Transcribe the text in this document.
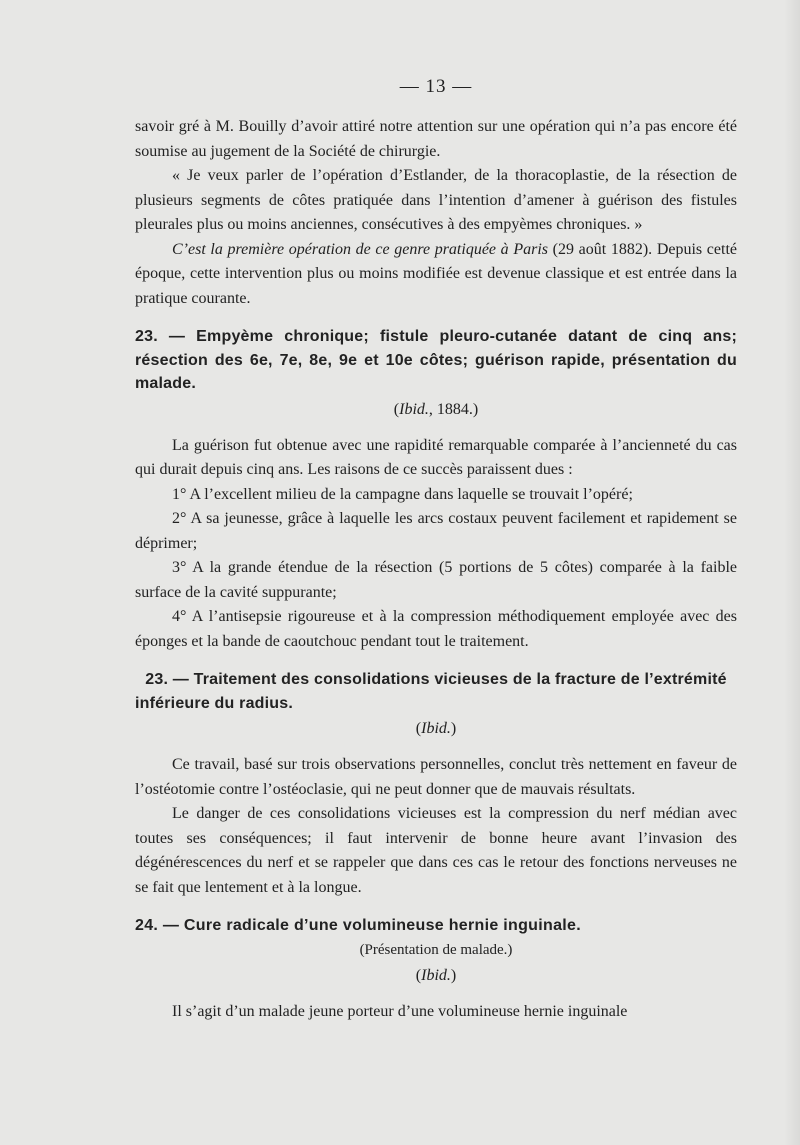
— 13 —

savoir gré à M. Bouilly d’avoir attiré notre attention sur une opération qui n’a pas encore été soumise au jugement de la Société de chirurgie.

« Je veux parler de l’opération d’Estlander, de la thoracoplastie, de la résection de plusieurs segments de côtes pratiquée dans l’intention d’amener à guérison des fistules pleurales plus ou moins anciennes, consécutives à des empyèmes chroniques. »

C’est la première opération de ce genre pratiquée à Paris (29 août 1882). Depuis cetté époque, cette intervention plus ou moins modifiée est devenue classique et est entrée dans la pratique courante.

23. — Empyème chronique; fistule pleuro-cutanée datant de cinq ans; résection des 6e, 7e, 8e, 9e et 10e côtes; guérison rapide, présentation du malade.
(Ibid., 1884.)

La guérison fut obtenue avec une rapidité remarquable comparée à l’ancienneté du cas qui durait depuis cinq ans. Les raisons de ce succès paraissent dues :

1° A l’excellent milieu de la campagne dans laquelle se trouvait l’opéré;

2° A sa jeunesse, grâce à laquelle les arcs costaux peuvent facilement et rapidement se déprimer;

3° A la grande étendue de la résection (5 portions de 5 côtes) comparée à la faible surface de la cavité suppurante;

4° A l’antisepsie rigoureuse et à la compression méthodiquement employée avec des éponges et la bande de caoutchouc pendant tout le traitement.

23. — Traitement des consolidations vicieuses de la fracture de l’extrémité inférieure du radius.
(Ibid.)

Ce travail, basé sur trois observations personnelles, conclut très nettement en faveur de l’ostéotomie contre l’ostéoclasie, qui ne peut donner que de mauvais résultats.

Le danger de ces consolidations vicieuses est la compression du nerf médian avec toutes ses conséquences; il faut intervenir de bonne heure avant l’invasion des dégénérescences du nerf et se rappeler que dans ces cas le retour des fonctions nerveuses ne se fait que lentement et à la longue.

24. — Cure radicale d’une volumineuse hernie inguinale.
(Présentation de malade.)
(Ibid.)

Il s’agit d’un malade jeune porteur d’une volumineuse hernie inguinale
